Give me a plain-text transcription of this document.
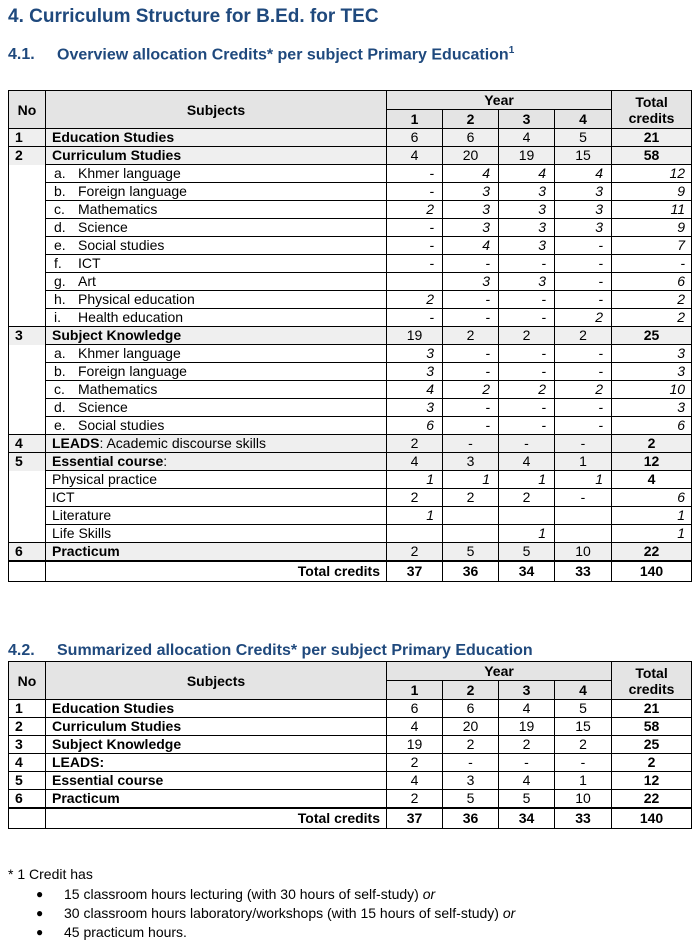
4. Curriculum Structure for B.Ed. for TEC
4.1. Overview allocation Credits* per subject Primary Education$^1$
No	Subjects	Year				Total credits
		1	2	3	4	
1	Education Studies	6	6	4	5	21
2	Curriculum Studies	4	20	19	15	58
	a. Khmer language	-	4	4	4	12
	b. Foreign language	-	3	3	3	9
	c. Mathematics	2	3	3	3	11
	d. Science	-	3	3	3	9
	e. Social studies	-	4	3	-	7
	f. ICT	-	-	-	-	-
	g. Art		3	3	-	6
	h. Physical education	2	-	-	-	2
	i. Health education	-	-	-	2	2
3	Subject Knowledge	19	2	2	2	25
	a. Khmer language	3	-	-	-	3
	b. Foreign language	3	-	-	-	3
	c. Mathematics	4	2	2	2	10
	d. Science	3	-	-	-	3
	e. Social studies	6	-	-	-	6
4	LEADS: Academic discourse skills	2	-	-	-	2
5	Essential course:	4	3	4	1	12
	Physical practice	1	1	1	1	4
	ICT	2	2	2	-	6
	Literature	1				1
	Life Skills			1		1
6	Practicum	2	5	5	10	22
	Total credits	37	36	34	33	140
4.2. Summarized allocation Credits* per subject Primary Education
No	Subjects	Year				Total credits
		1	2	3	4	
1	Education Studies	6	6	4	5	21
2	Curriculum Studies	4	20	19	15	58
3	Subject Knowledge	19	2	2	2	25
4	LEADS:	2	-	-	-	2
5	Essential course	4	3	4	1	12
6	Practicum	2	5	5	10	22
	Total credits	37	36	34	33	140
* 1 Credit has
● 15 classroom hours lecturing (with 30 hours of self-study) or
● 30 classroom hours laboratory/workshops (with 15 hours of self-study) or
● 45 practicum hours.
